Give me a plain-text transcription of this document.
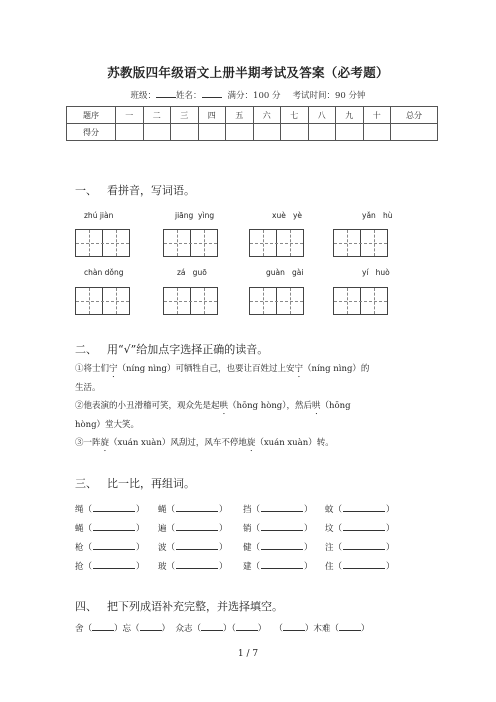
苏教版四年级语文上册半期考试及答案（必考题）
班级： 姓名：	满分：100 分 考试时间：90 分钟
题序	一	二	三	四	五	六	七	八	九	十	总分
得分											
一、 看拼音，写词语。
zhú jiàn	jiāng  yìng	xuè   yè	yǎn   hù
chàn dǒng	zá   guō	guàn   gài	yí   huò
二、 用“√”给加点字选择正确的读音。
①将士们宁（níng nìng）可牺牲自己，也要让百姓过上安宁（níng nìng）的
生活。
②他表演的小丑滑稽可笑，观众先是起哄（hōng hòng），然后哄（hōng
hòng）堂大笑。
③一阵旋（xuán xuàn）风刮过，风车不停地旋（xuán xuàn）转。
三、 比一比，再组词。
绳（	） 蝇（	） 挡（	） 蚊（	）
蝇（	） 遍（	） 销（	） 坟（	）
枪（	） 波（	） 健（	） 注（	）
抢（	） 玻（	） 建（	） 住（	）
四、 把下列成语补充完整，并选择填空。
舍（	）忘（	） 众志（	）（	） （	）木难（	）
1 / 7
